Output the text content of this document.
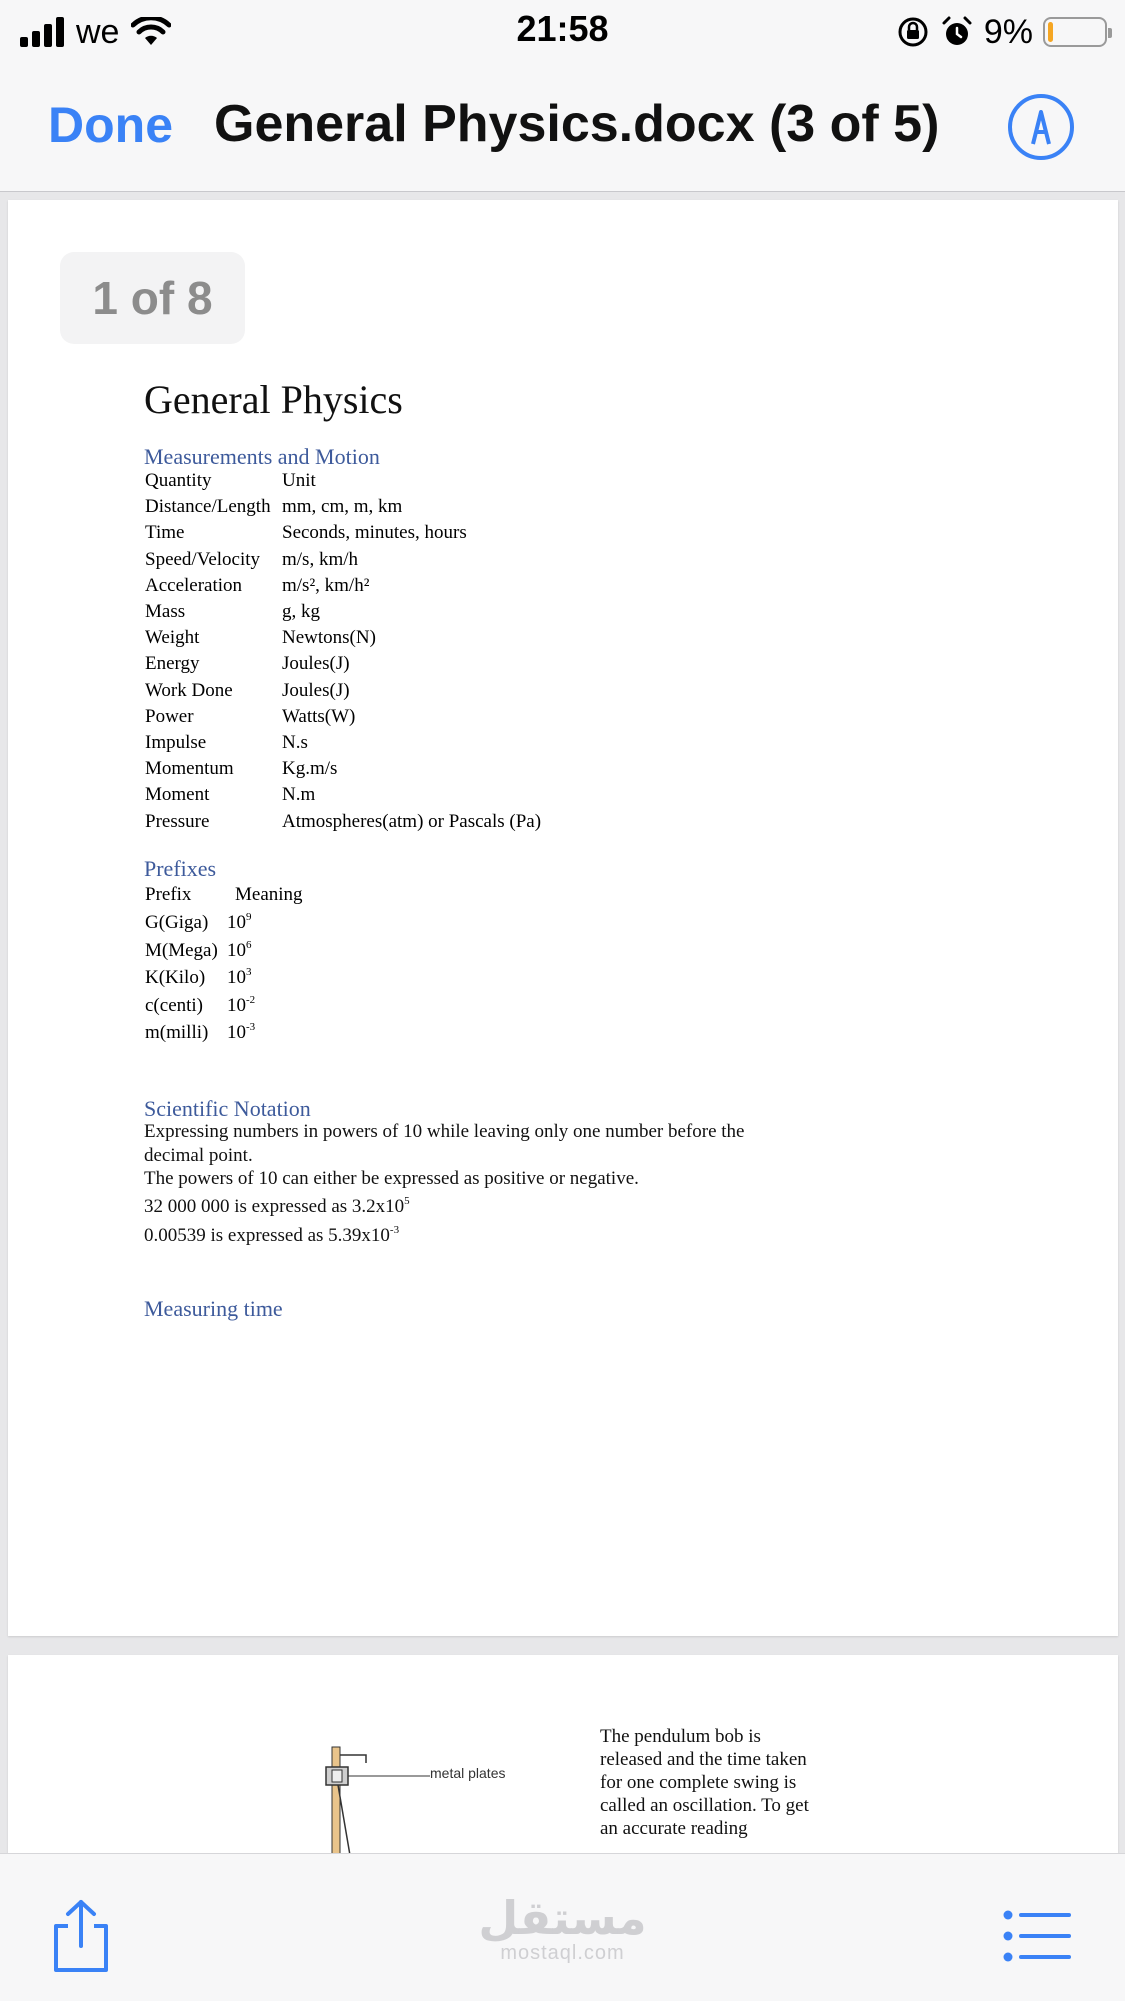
we	21:58	9%
Done General Physics.docx (3 of 5)
1 of 8
General Physics
Measurements and Motion
Quantity	Unit
Distance/Length mm, cm, m, km
Time	Seconds, minutes, hours
Speed/Velocity m/s, km/h
Acceleration m/s², km/h²
Mass	g, kg
Weight	Newtons(N)
Energy	Joules(J)
Work Done	Joules(J)
Power	Watts(W)
Impulse	N.s
Momentum	Kg.m/s
Moment	N.m
Pressure	Atmospheres(atm) or Pascals (Pa)
Prefixes
Prefix Meaning
G(Giga) $10^9$
M(Mega) $10^6$
K(Kilo) $10^3$
c(centi) $10^{-2}$
m(milli) $10^{-3}$
Scientific Notation
Expressing numbers in powers of 10 while leaving only one number before the decimal point.
The powers of 10 can either be expressed as positive or negative.
32 000 000 is expressed as $3.2x10^5$
0.00539 is expressed as $5.39x10^{-3}$
Measuring time
metal plates
The pendulum bob is released and the time taken for one complete swing is called an oscillation. To get an accurate reading
مستقل
mostaql.com
